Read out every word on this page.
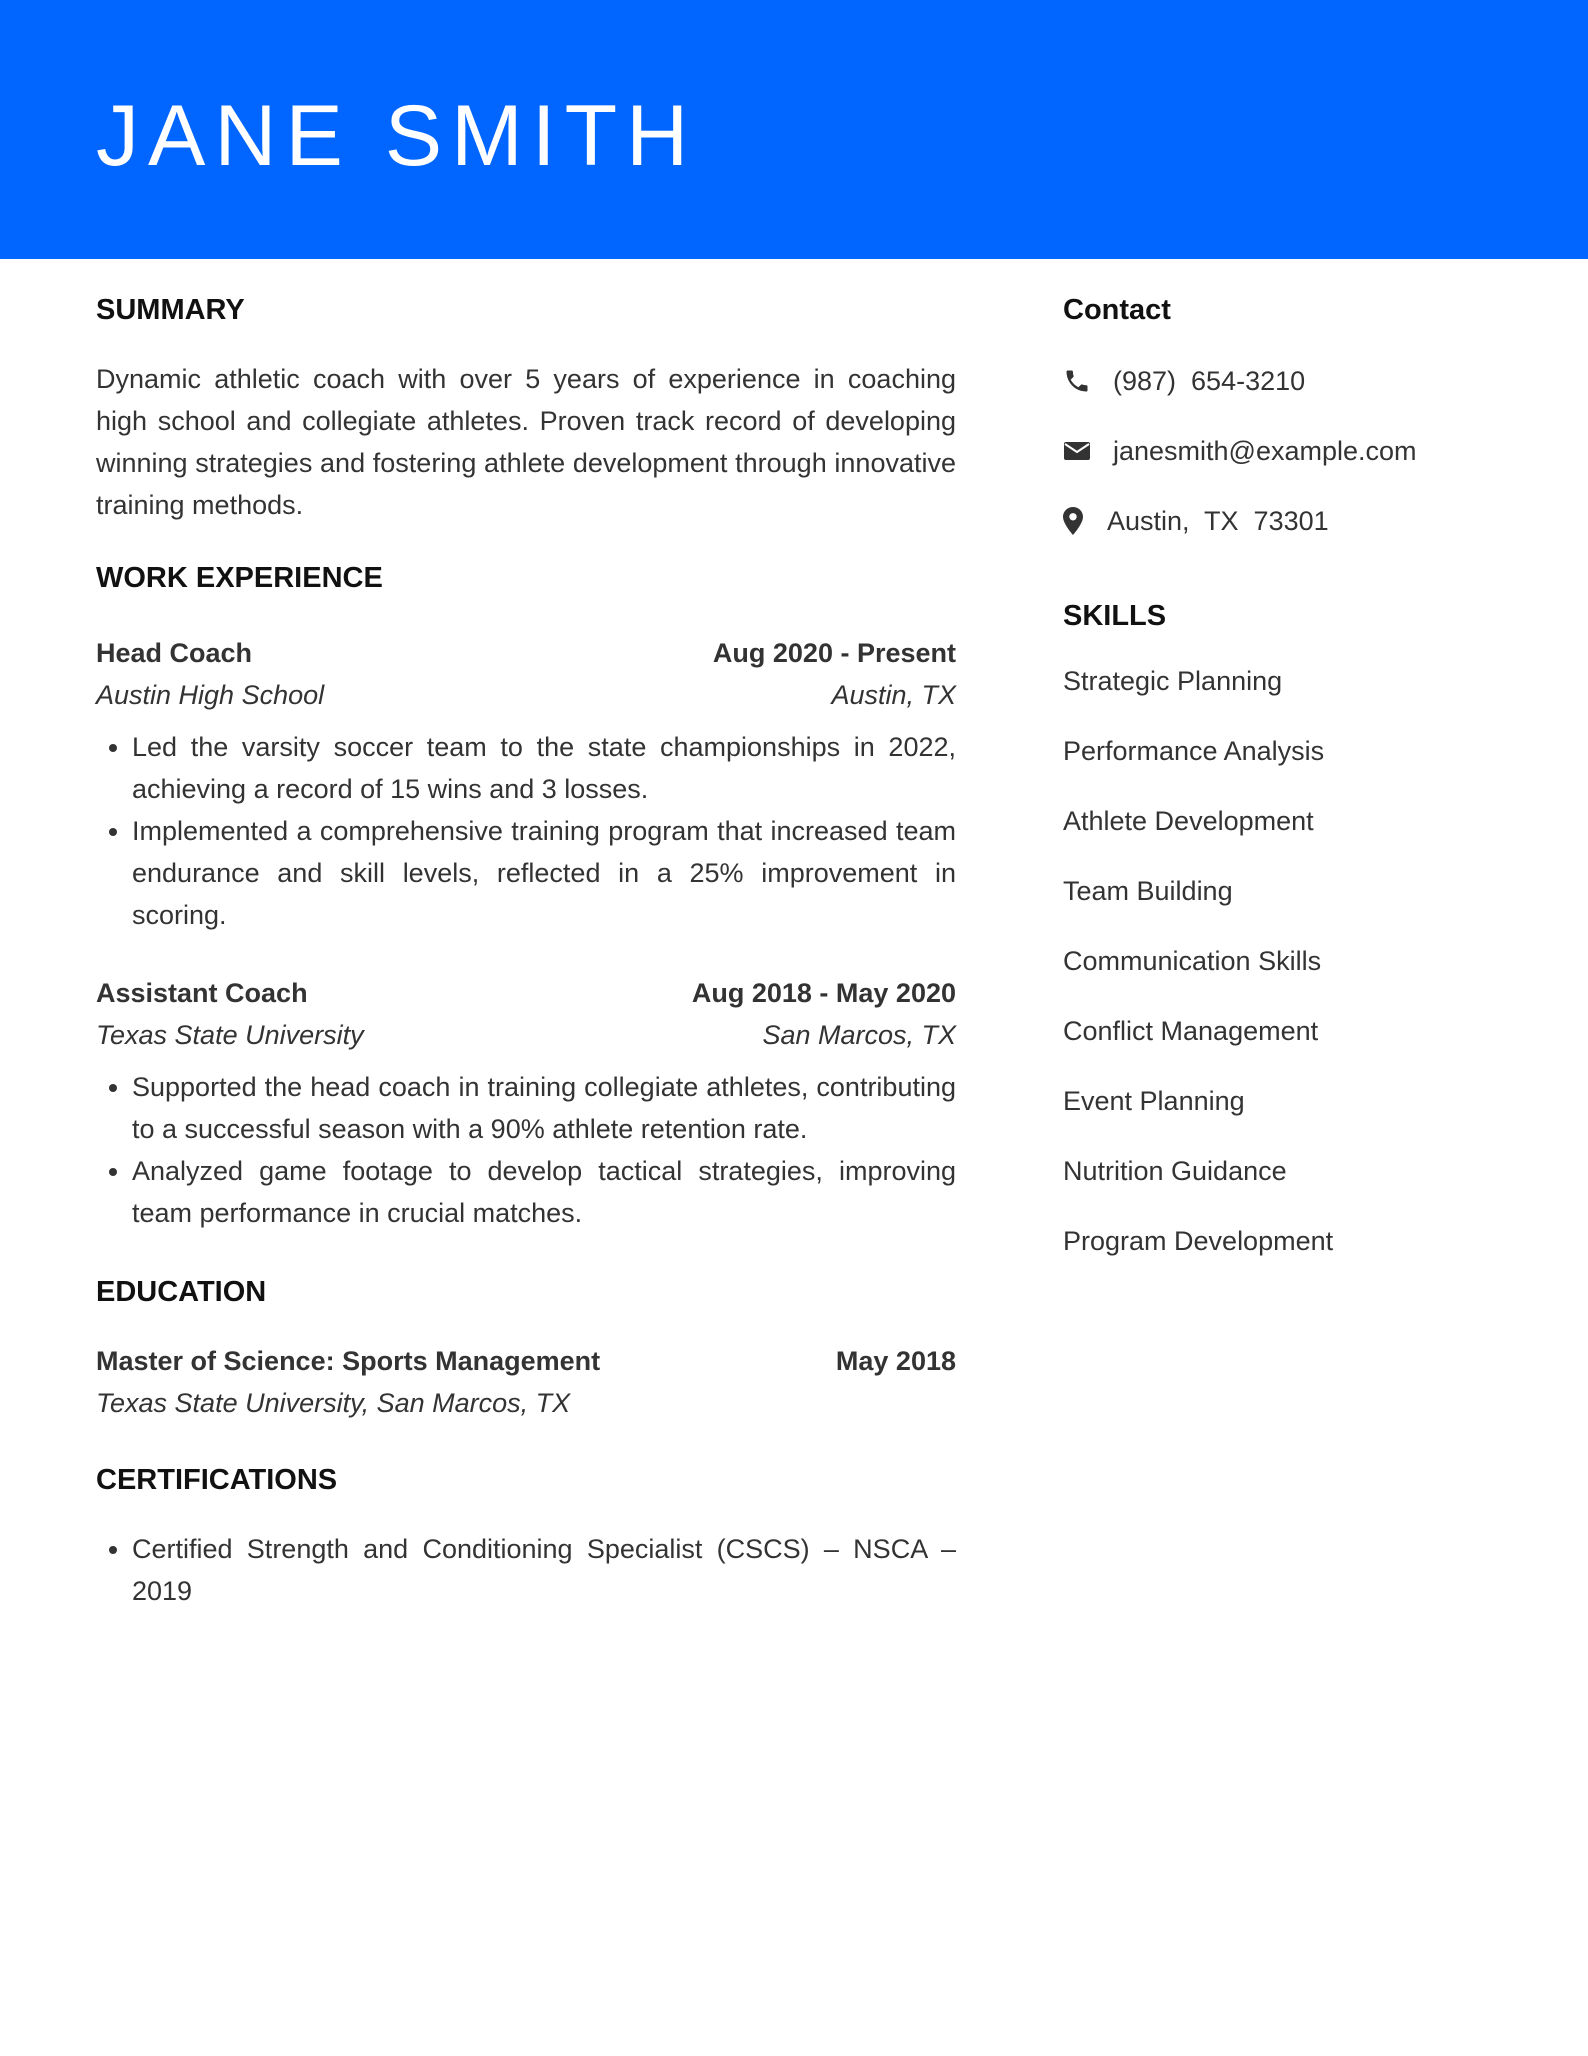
JANE SMITH
SUMMARY

Dynamic athletic coach with over 5 years of experience in coaching high school and collegiate athletes. Proven track record of developing winning strategies and fostering athlete development through innovative training methods.

WORK EXPERIENCE
Head Coach	Aug 2020 - Present
Austin High School	Austin, TX
• Led the varsity soccer team to the state championships in 2022, achieving a record of 15 wins and 3 losses.
• Implemented a comprehensive training program that increased team endurance and skill levels, reflected in a 25% improvement in scoring.
Assistant Coach	Aug 2018 - May 2020
Texas State University	San Marcos, TX
• Supported the head coach in training collegiate athletes, contributing to a successful season with a 90% athlete retention rate.
• Analyzed game footage to develop tactical strategies, improving team performance in crucial matches.
EDUCATION
Master of Science: Sports Management	May 2018
Texas State University, San Marcos, TX
CERTIFICATIONS
• Certified Strength and Conditioning Specialist (CSCS) – NSCA – 2019
Contact
(987)  654-3210
janesmith@example.com
Austin,  TX  73301
SKILLS
Strategic Planning
Performance Analysis
Athlete Development
Team Building
Communication Skills
Conflict Management
Event Planning
Nutrition Guidance
Program Development
